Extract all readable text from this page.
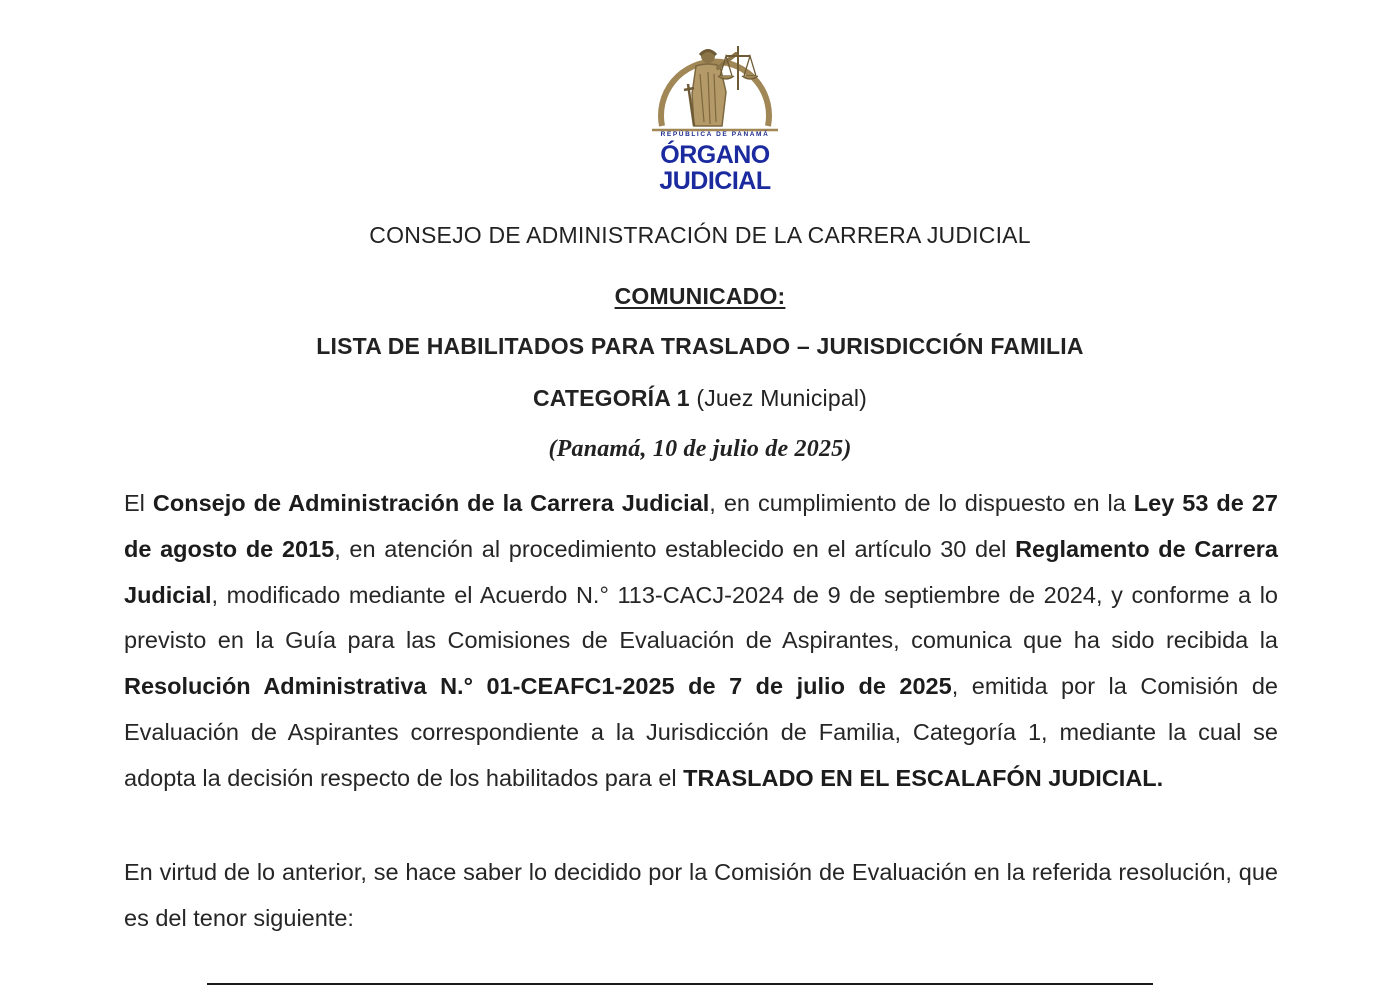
REPÚBLICA DE PANAMÁ
ÓRGANO
JUDICIAL
CONSEJO DE ADMINISTRACIÓN DE LA CARRERA JUDICIAL
COMUNICADO:
LISTA DE HABILITADOS PARA TRASLADO – JURISDICCIÓN FAMILIA
CATEGORÍA 1 (Juez Municipal)
(Panamá, 10 de julio de 2025)
El Consejo de Administración de la Carrera Judicial, en cumplimiento de lo dispuesto en la Ley 53 de 27 de agosto de 2015, en atención al procedimiento establecido en el artículo 30 del Reglamento de Carrera Judicial, modificado mediante el Acuerdo N.° 113-CACJ-2024 de 9 de septiembre de 2024, y conforme a lo previsto en la Guía para las Comisiones de Evaluación de Aspirantes, comunica que ha sido recibida la Resolución Administrativa N.° 01-CEAFC1-2025 de 7 de julio de 2025, emitida por la Comisión de Evaluación de Aspirantes correspondiente a la Jurisdicción de Familia, Categoría 1, mediante la cual se adopta la decisión respecto de los habilitados para el TRASLADO EN EL ESCALAFÓN JUDICIAL.
En virtud de lo anterior, se hace saber lo decidido por la Comisión de Evaluación en la referida resolución, que es del tenor siguiente:
